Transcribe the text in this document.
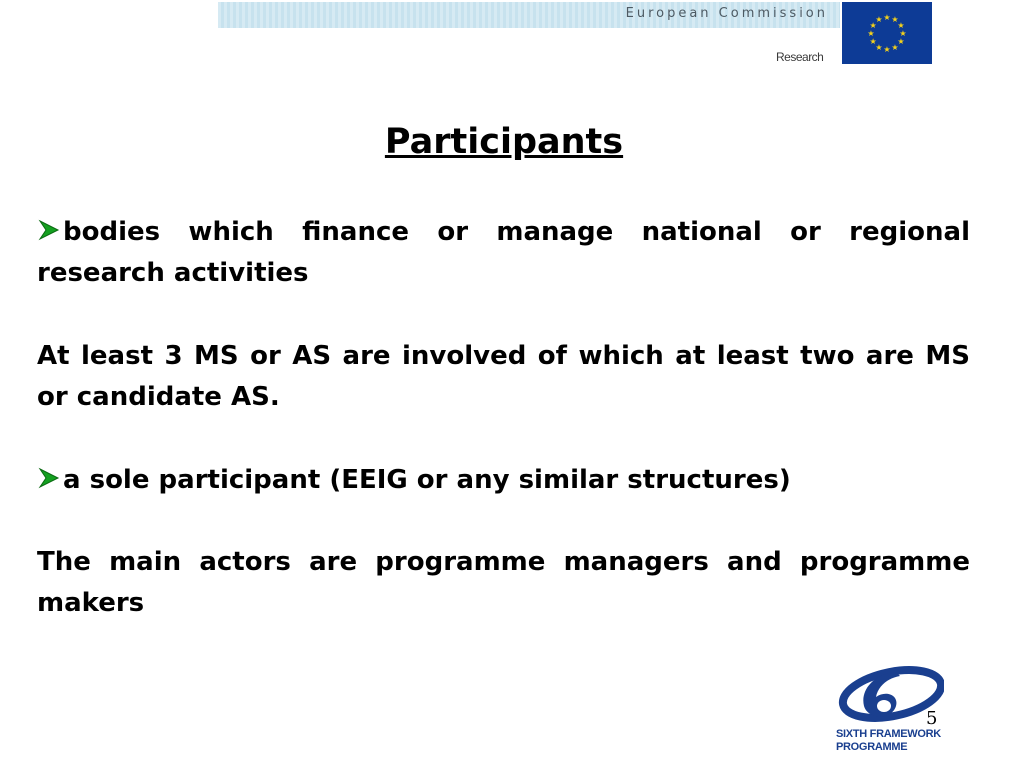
European Commission
Research
★ ★
★
★
★
★
★
★
★
★
★
★
Participants
bodies which finance or manage national or regional research activities
At least 3 MS or AS are involved of which at least two are MS or candidate AS.
a sole participant (EEIG or any similar structures)
The main actors are programme managers and programme makers
5
SIXTH FRAMEWORK
PROGRAMME
